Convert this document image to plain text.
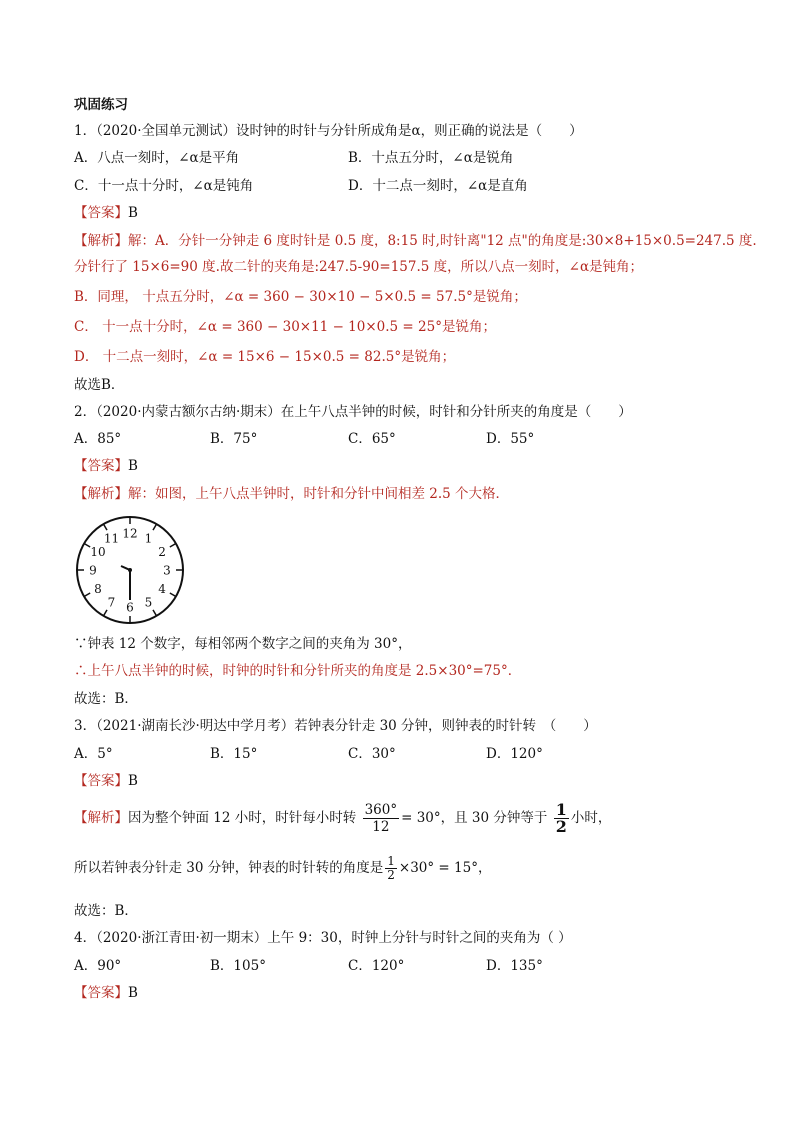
巩固练习
1．（2020·全国单元测试）设时钟的时针与分针所成角是α，则正确的说法是（　　）
A．八点一刻时，∠α是平角	B．十点五分时，∠α是锐角
C．十一点十分时，∠α是钝角	D．十二点一刻时，∠α是直角
【答案】B
【解析】解：A．分针一分钟走 6 度时针是 0.5 度，8:15 时,时针离"12 点"的角度是:30×8+15×0.5=247.5 度.
分针行了 15×6=90 度.故二针的夹角是:247.5-90=157.5 度，所以八点一刻时，∠α是钝角；
B．同理， 十点五分时，∠α = 360 − 30×10 − 5×0.5 = 57.5°是锐角；
C． 十一点十分时，∠α = 360 − 30×11 − 10×0.5 = 25°是锐角；
D． 十二点一刻时，∠α = 15×6 − 15×0.5 = 82.5°是锐角；
故选B．
2．（2020·内蒙古额尔古纳·期末）在上午八点半钟的时候，时针和分针所夹的角度是（　　）
A．85°	B．75°	C．65°	D．55°
【答案】B
【解析】解：如图，上午八点半钟时，时针和分针中间相差 2.5 个大格．
12 1
2
3
4
5
6
7
8
9
10
11
∵钟表 12 个数字，每相邻两个数字之间的夹角为 30°，
∴上午八点半钟的时候，时钟的时针和分针所夹的角度是 2.5×30°=75°．
故选：B．
3．（2021·湖南长沙·明达中学月考）若钟表分针走 30 分钟，则钟表的时针转　（　　）
A．5°	B．15°	C．30°	D．120°
【答案】B
【解析】因为整个钟面 12 小时，时针每小时转 $\frac{360^\circ}{12} = 30^\circ$，且 30 分钟等于 $\frac{1}{2}$ 小时，
所以若钟表分针走 30 分钟，钟表的时针转的角度是 $\frac{1}{2} \times 30^\circ = 15^\circ$，
故选：B．
4．（2020·浙江青田·初一期末）上午 9：30，时钟上分针与时针之间的夹角为（ ）
A．90°	B．105°	C．120°	D．135°
【答案】B
